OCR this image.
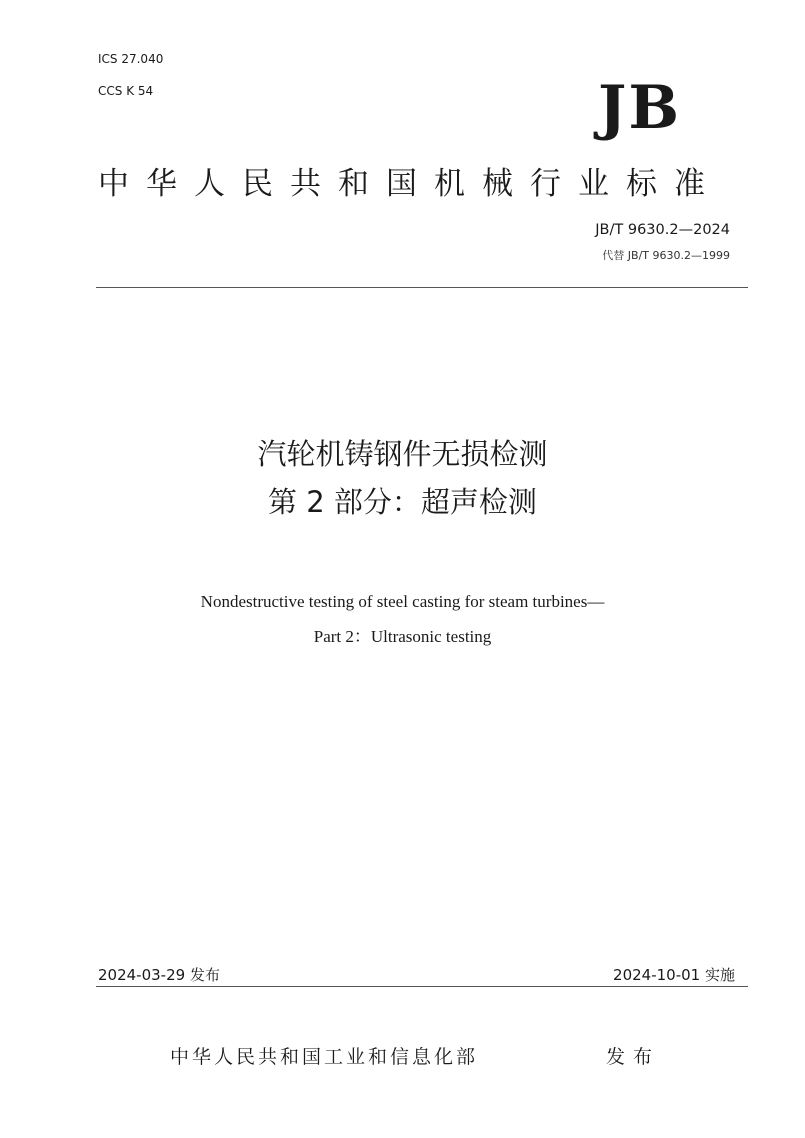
ICS 27.040
CCS K 54	JB
中华人民共和国机械行业标准
JB/T 9630.2—2024
代替 JB/T 9630.2—1999
汽轮机铸钢件无损检测
第 2 部分：超声检测
Nondestructive testing of steel casting for steam turbines—
Part 2：Ultrasonic testing
2024-03-29 发布	2024-10-01 实施
中华人民共和国工业和信息化部	发布
